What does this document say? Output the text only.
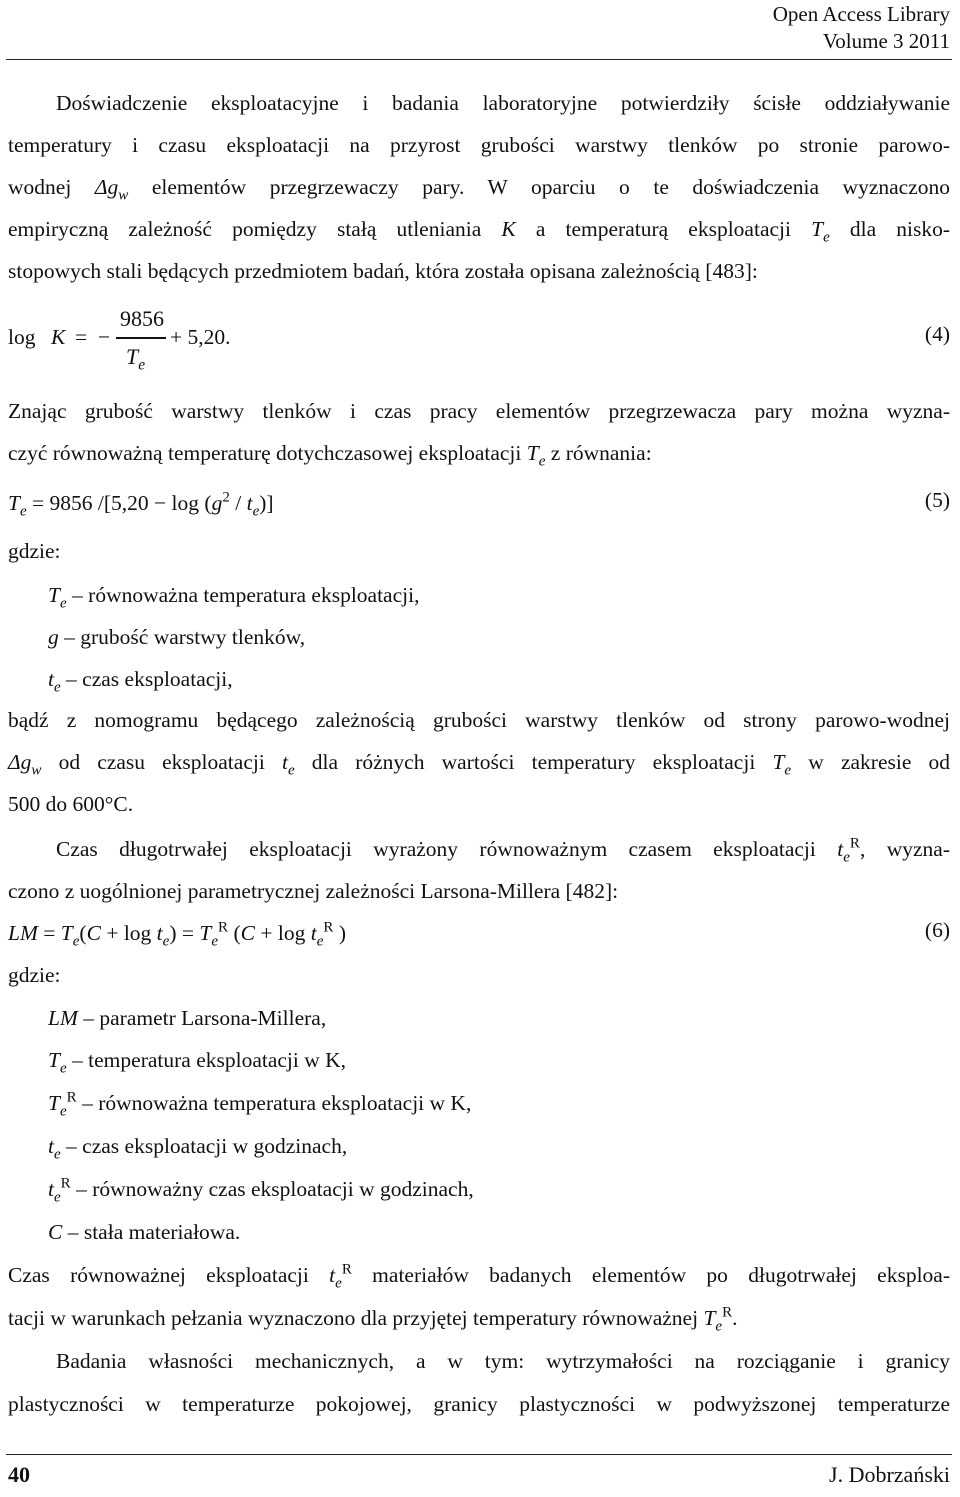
Open Access Library
Volume 3 2011
Doświadczenie eksploatacyjne i badania laboratoryjne potwierdziły ścisłe oddziaływanie
temperatury i czasu eksploatacji na przyrost grubości warstwy tlenków po stronie parowo-
wodnej $\Delta g_w$ elementów przegrzewaczy pary. W oparciu o te doświadczenia wyznaczono
empiryczną zależność pomiędzy stałą utleniania K a temperaturą eksploatacji $T_e$ dla nisko-
stopowych stali będących przedmiotem badań, która została opisana zależnością [483]:
log K = −
9856
$T_e$
+ 5,20.	(4)
Znając grubość warstwy tlenków i czas pracy elementów przegrzewacza pary można wyzna-
czyć równoważną temperaturę dotychczasowej eksploatacji $T_e$ z równania:
$T_e = 9856$ $/[5,20 - \log (g^2 / t_e)]$	(5)
gdzie:
$T_e$ – równoważna temperatura eksploatacji,
g – grubość warstwy tlenków,
$t_e$ – czas eksploatacji,
bądź z nomogramu będącego zależnością grubości warstwy tlenków od strony parowo-wodnej
$\Delta g_w$ od czasu eksploatacji $t_e$ dla różnych wartości temperatury eksploatacji $T_e$ w zakresie od
500 do 600°C.
Czas długotrwałej eksploatacji wyrażony równoważnym czasem eksploatacji $t_e^R$, wyzna-
czono z uogólnionej parametrycznej zależności Larsona-Millera [482]:
LM = $T_e(C + \log t_e) = T_e^R$ ($C + \log t_e^R$ )	(6)
gdzie:
LM – parametr Larsona-Millera,
$T_e$ – temperatura eksploatacji w K,
$T_e^R$ – równoważna temperatura eksploatacji w K,
$t_e$ – czas eksploatacji w godzinach,
$t_e^R$ – równoważny czas eksploatacji w godzinach,
C – stała materiałowa.
Czas równoważnej eksploatacji $t_e^R$ materiałów badanych elementów po długotrwałej eksploa-
tacji w warunkach pełzania wyznaczono dla przyjętej temperatury równoważnej $T_e^R$.
Badania własności mechanicznych, a w tym: wytrzymałości na rozciąganie i granicy
plastyczności w temperaturze pokojowej, granicy plastyczności w podwyższonej temperaturze
40	J. Dobrzański
